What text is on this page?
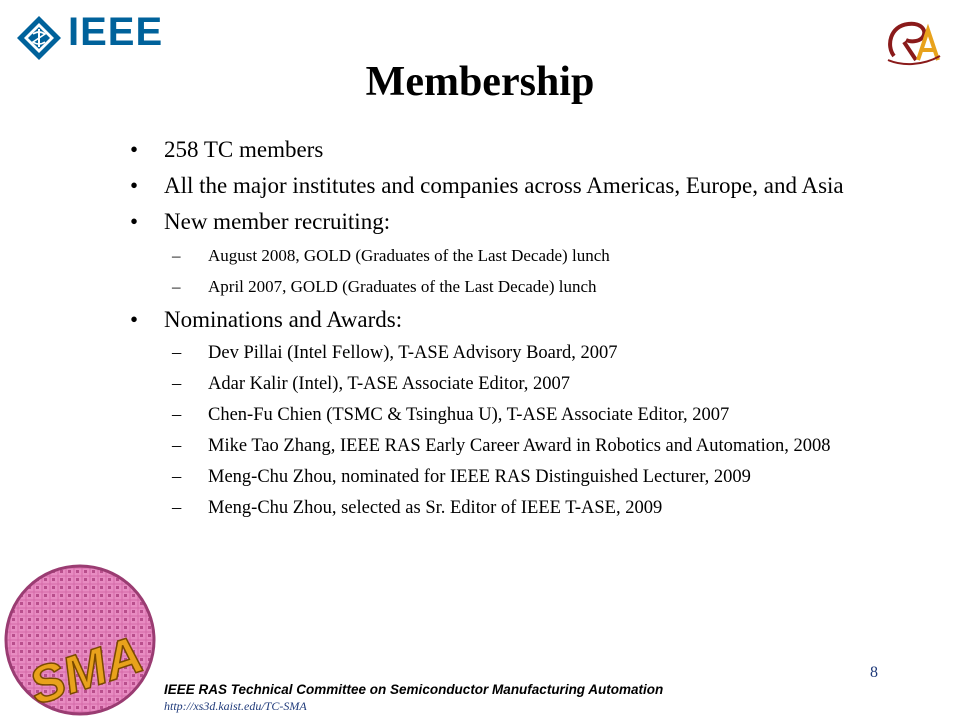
IEEE
Membership
• 258 TC members
• All the major institutes and companies across Americas, Europe, and Asia
• New member recruiting:
– August 2008, GOLD (Graduates of the Last Decade) lunch
– April 2007, GOLD (Graduates of the Last Decade) lunch
• Nominations and Awards:
– Dev Pillai (Intel Fellow), T-ASE Advisory Board, 2007
– Adar Kalir (Intel), T-ASE Associate Editor, 2007
– Chen-Fu Chien (TSMC & Tsinghua U), T-ASE Associate Editor, 2007
– Mike Tao Zhang, IEEE RAS Early Career Award in Robotics and Automation, 2008
– Meng-Chu Zhou, nominated for IEEE RAS Distinguished Lecturer, 2009
– Meng-Chu Zhou, selected as Sr. Editor of IEEE T-ASE, 2009
SMA IEEE RAS Technical Committee on Semiconductor Manufacturing Automation
http://xs3d.kaist.edu/TC-SMA
8
